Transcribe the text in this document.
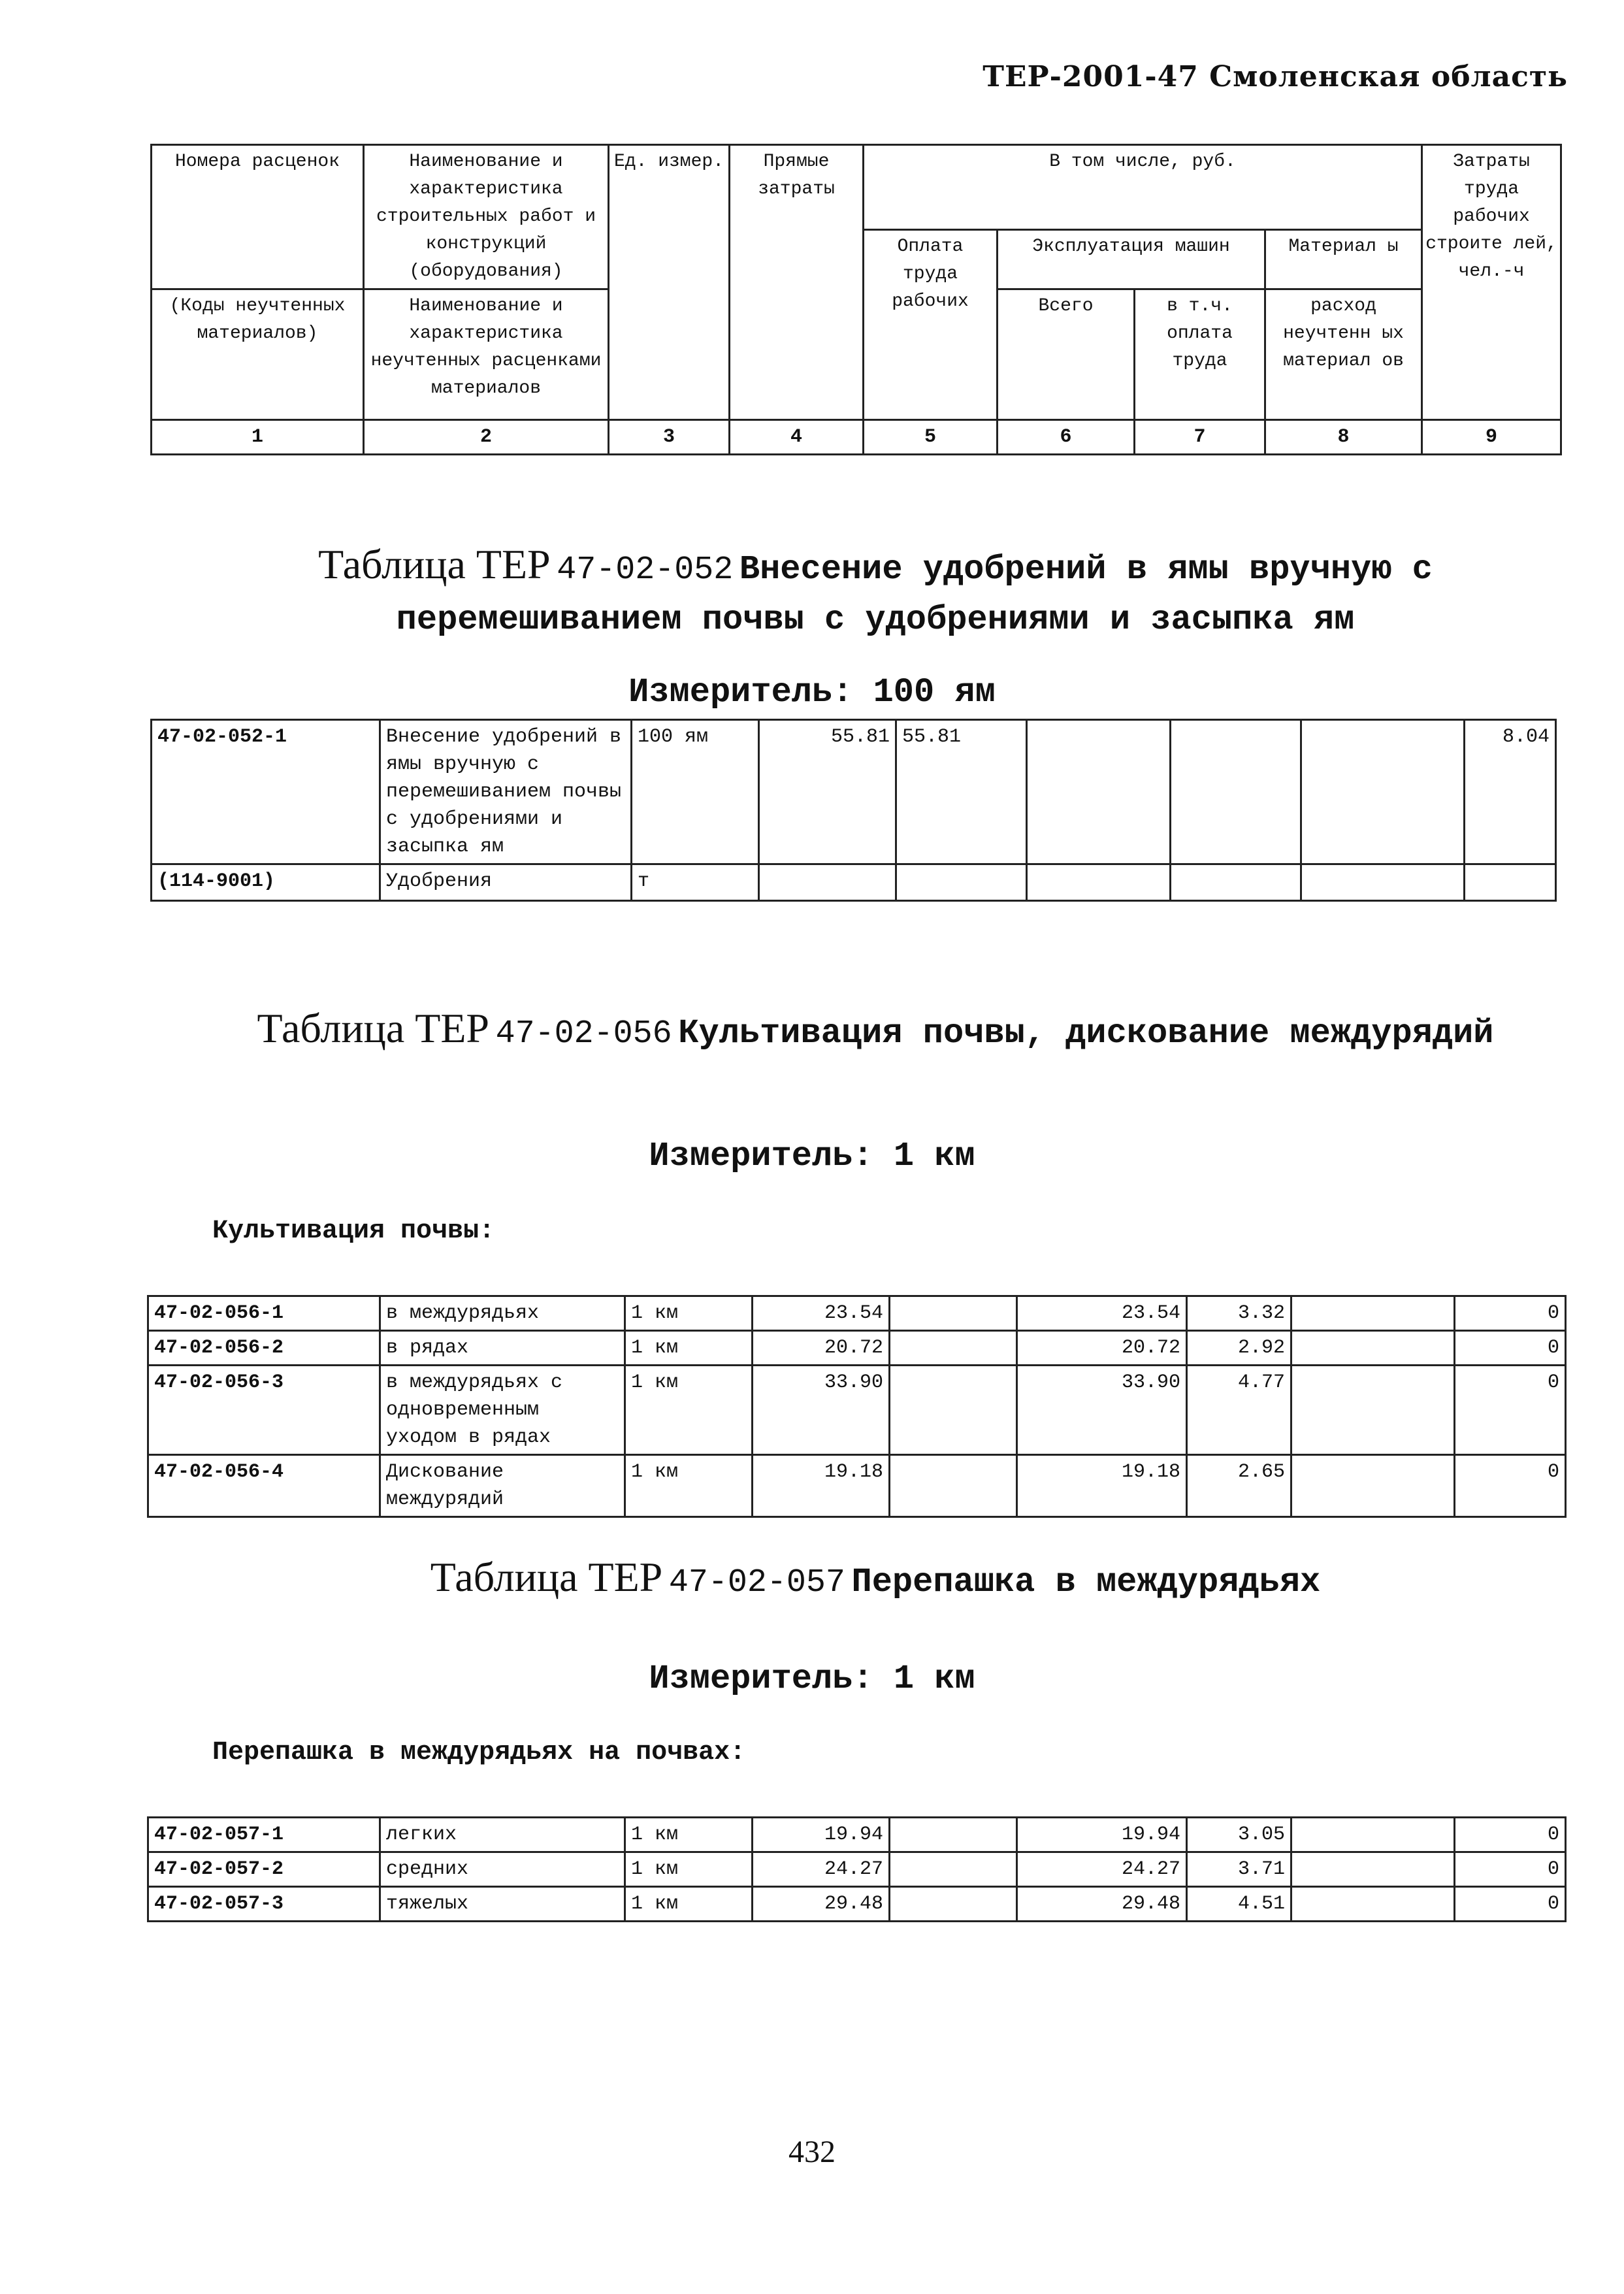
ТЕР-2001-47 Смоленская область
Номера расценок	Наименование и характеристика строительных работ и конструкций (оборудования)	Ед. измер.	Прямые затраты	В том числе, руб.				Затраты труда рабочих строите лей, чел.-ч
				Оплата труда рабочих	Эксплуатация машин		Материал ы	
(Коды неучтенных материалов)	Наименование и характеристика неучтенных расценками материалов							
					Всего	в т.ч. оплата труда	расход неучтенн ых материал ов	
1	2	3	4	5	6	7	8	9
Таблица ТЕР 47-02-052 Внесение удобрений в ямы вручную с перемешиванием почвы с удобрениями и засыпка ям
Измеритель: 100 ям
47-02-052-1	Внесение удобрений в ямы вручную с перемешиванием почвы с удобрениями и засыпка ям	100 ям	55.81	55.81				8.04
(114-9001)	Удобрения	т						
Таблица ТЕР 47-02-056 Культивация почвы, дискование междурядий
Измеритель: 1 км
Культивация почвы:
47-02-056-1	в междурядьях	1 км	23.54		23.54	3.32		0
47-02-056-2	в рядах	1 км	20.72		20.72	2.92		0
47-02-056-3	в междурядьях с одновременным уходом в рядах	1 км	33.90		33.90	4.77		0
47-02-056-4	Дискование междурядий	1 км	19.18		19.18	2.65		0
Таблица ТЕР 47-02-057 Перепашка в междурядьях
Измеритель: 1 км
Перепашка в междурядьях на почвах:
47-02-057-1	легких	1 км	19.94		19.94	3.05		0
47-02-057-2	средних	1 км	24.27		24.27	3.71		0
47-02-057-3	тяжелых	1 км	29.48		29.48	4.51		0
432
